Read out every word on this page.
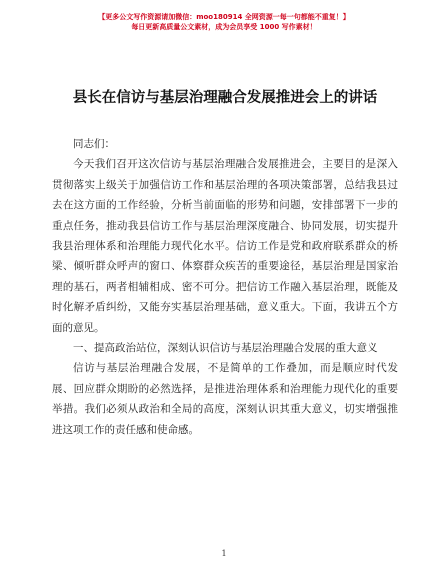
【更多公文写作资源请加微信：moo180914 全网资源一每一句都能不重复！】
每日更新高质量公文素材，成为会员享受 1000 写作素材！
县长在信访与基层治理融合发展推进会上的讲话

同志们：

今天我们召开这次信访与基层治理融合发展推进会，主要目的是深入贯彻落实上级关于加强信访工作和基层治理的各项决策部署，总结我县过去在这方面的工作经验，分析当前面临的形势和问题，安排部署下一步的重点任务，推动我县信访工作与基层治理深度融合、协同发展，切实提升我县治理体系和治理能力现代化水平。信访工作是党和政府联系群众的桥梁、倾听群众呼声的窗口、体察群众疾苦的重要途径，基层治理是国家治理的基石，两者相辅相成、密不可分。把信访工作融入基层治理，既能及时化解矛盾纠纷，又能夯实基层治理基础，意义重大。下面，我讲五个方面的意见。

一、提高政治站位，深刻认识信访与基层治理融合发展的重大意义

信访与基层治理融合发展，不是简单的工作叠加，而是顺应时代发展、回应群众期盼的必然选择，是推进治理体系和治理能力现代化的重要举措。我们必须从政治和全局的高度，深刻认识其重大意义，切实增强推进这项工作的责任感和使命感。

1
